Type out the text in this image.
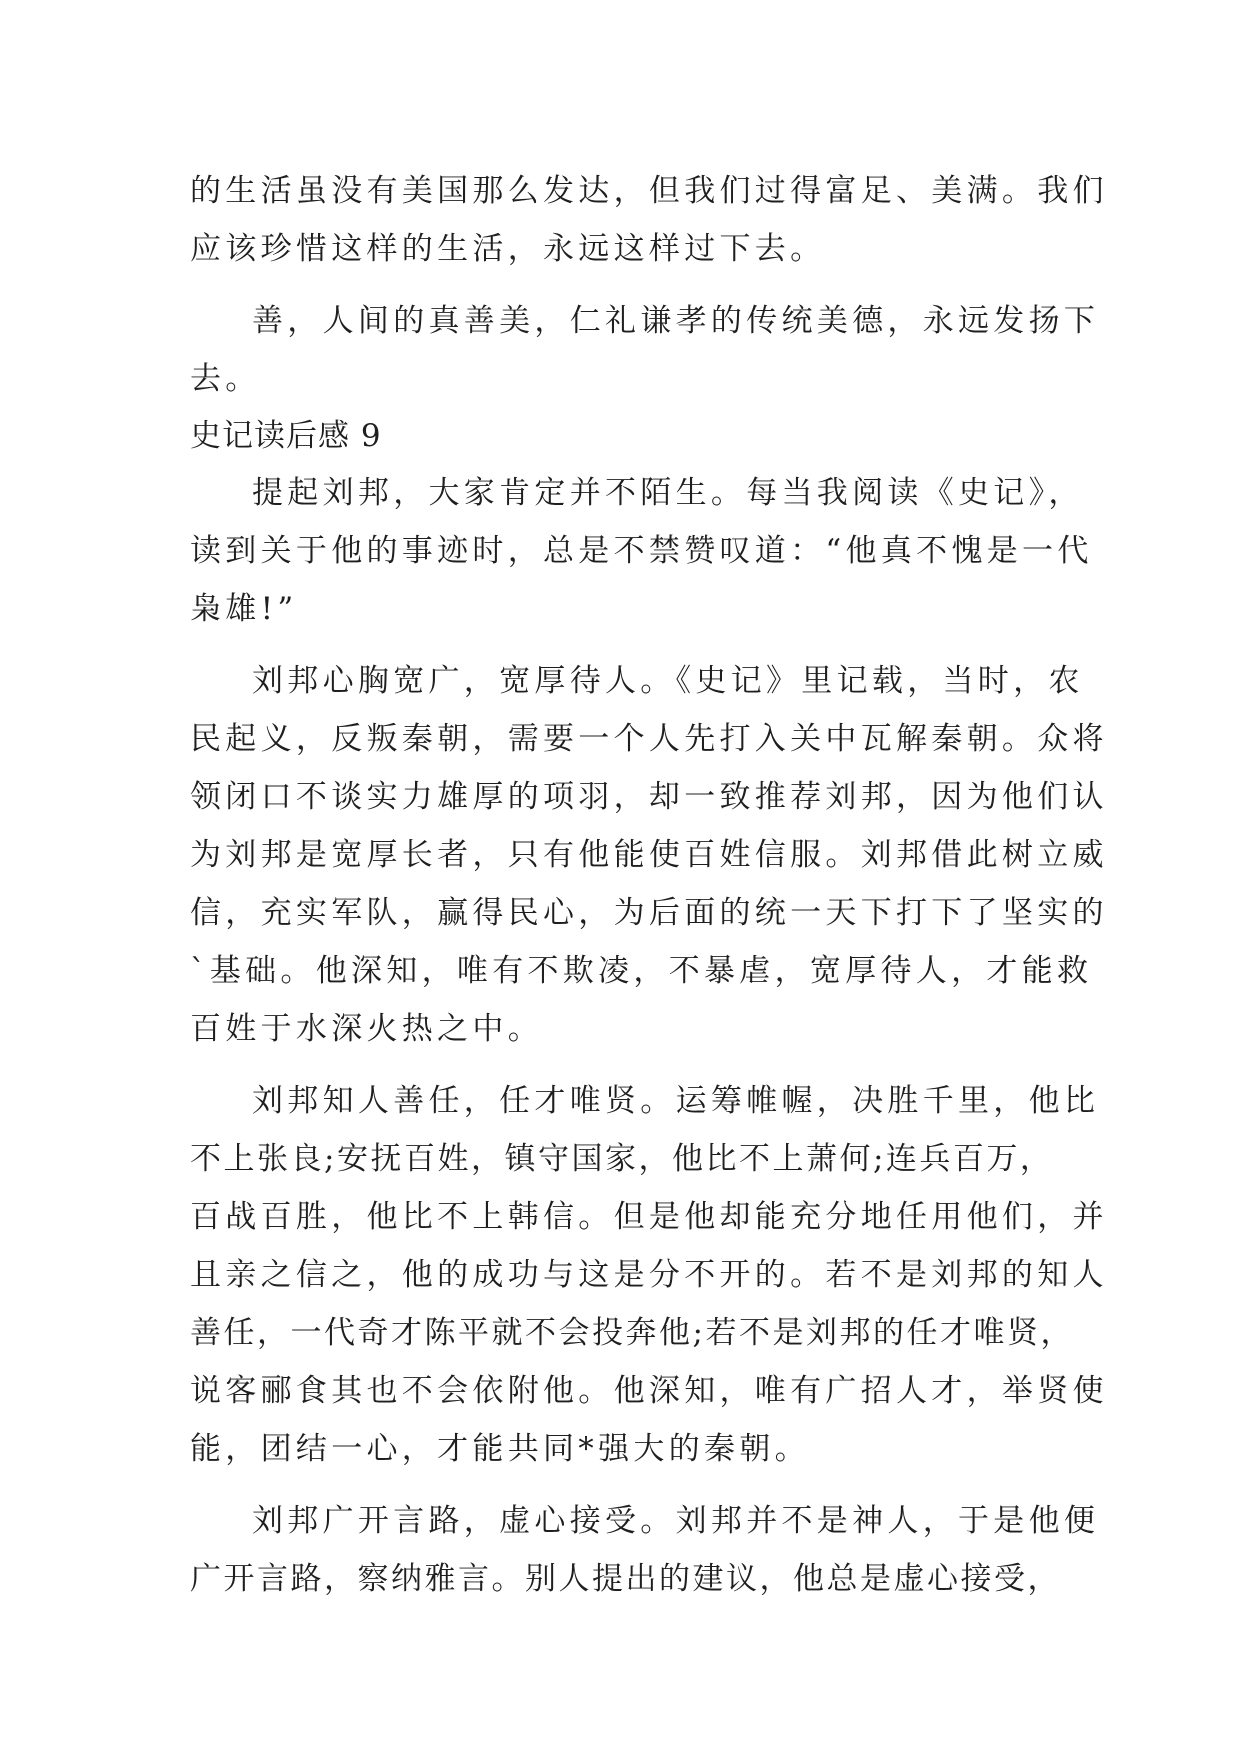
的生活虽没有美国那么发达，但我们过得富足、美满。我们
应该珍惜这样的生活，永远这样过下去。
善，人间的真善美，仁礼谦孝的传统美德，永远发扬下
去。
史记读后感 9
提起刘邦，大家肯定并不陌生。每当我阅读《史记》，
读到关于他的事迹时，总是不禁赞叹道：“他真不愧是一代
枭雄!”
刘邦心胸宽广，宽厚待人。《史记》里记载，当时，农
民起义，反叛秦朝，需要一个人先打入关中瓦解秦朝。众将
领闭口不谈实力雄厚的项羽，却一致推荐刘邦，因为他们认
为刘邦是宽厚长者，只有他能使百姓信服。刘邦借此树立威
信，充实军队，赢得民心，为后面的统一天下打下了坚实的
`基础。他深知，唯有不欺凌，不暴虐，宽厚待人，才能救
百姓于水深火热之中。
刘邦知人善任，任才唯贤。运筹帷幄，决胜千里，他比
不上张良;安抚百姓，镇守国家，他比不上萧何;连兵百万，
百战百胜，他比不上韩信。但是他却能充分地任用他们，并
且亲之信之，他的成功与这是分不开的。若不是刘邦的知人
善任，一代奇才陈平就不会投奔他;若不是刘邦的任才唯贤，
说客郦食其也不会依附他。他深知，唯有广招人才，举贤使
能，团结一心，才能共同*强大的秦朝。
刘邦广开言路，虚心接受。刘邦并不是神人，于是他便
广开言路，察纳雅言。别人提出的建议，他总是虚心接受，
